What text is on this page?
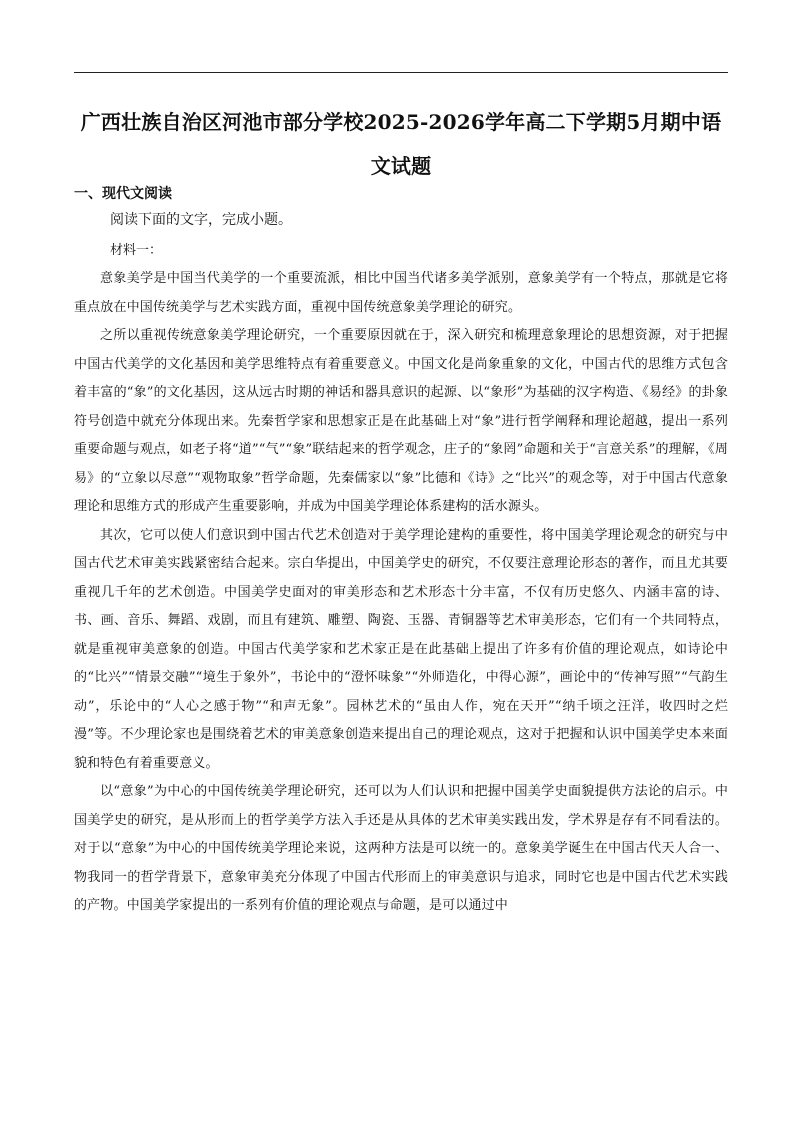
广西壮族自治区河池市部分学校2025-2026学年高二下学期5月期中语文试题
一、现代文阅读
阅读下面的文字，完成小题。
材料一：

意象美学是中国当代美学的一个重要流派，相比中国当代诸多美学派别，意象美学有一个特点，那就是它将重点放在中国传统美学与艺术实践方面，重视中国传统意象美学理论的研究。

之所以重视传统意象美学理论研究，一个重要原因就在于，深入研究和梳理意象理论的思想资源，对于把握中国古代美学的文化基因和美学思维特点有着重要意义。中国文化是尚象重象的文化，中国古代的思维方式包含着丰富的“象”的文化基因，这从远古时期的神话和器具意识的起源、以“象形”为基础的汉字构造、《易经》的卦象符号创造中就充分体现出来。先秦哲学家和思想家正是在此基础上对“象”进行哲学阐释和理论超越，提出一系列重要命题与观点，如老子将“道”“气”“象”联结起来的哲学观念，庄子的“象罔”命题和关于“言意关系”的理解，《周易》的“立象以尽意”“观物取象”哲学命题，先秦儒家以“象”比德和《诗》之“比兴”的观念等，对于中国古代意象理论和思维方式的形成产生重要影响，并成为中国美学理论体系建构的活水源头。

其次，它可以使人们意识到中国古代艺术创造对于美学理论建构的重要性，将中国美学理论观念的研究与中国古代艺术审美实践紧密结合起来。宗白华提出，中国美学史的研究，不仅要注意理论形态的著作，而且尤其要重视几千年的艺术创造。中国美学史面对的审美形态和艺术形态十分丰富，不仅有历史悠久、内涵丰富的诗、书、画、音乐、舞蹈、戏剧，而且有建筑、雕塑、陶瓷、玉器、青铜器等艺术审美形态，它们有一个共同特点，就是重视审美意象的创造。中国古代美学家和艺术家正是在此基础上提出了许多有价值的理论观点，如诗论中的“比兴”“情景交融”“境生于象外”，书论中的“澄怀味象”“外师造化，中得心源”，画论中的“传神写照”“气韵生动”，乐论中的“人心之感于物”“和声无象”。园林艺术的“虽由人作，宛在天开”“纳千顷之汪洋，收四时之烂漫”等。不少理论家也是围绕着艺术的审美意象创造来提出自己的理论观点，这对于把握和认识中国美学史本来面貌和特色有着重要意义。

以“意象”为中心的中国传统美学理论研究，还可以为人们认识和把握中国美学史面貌提供方法论的启示。中国美学史的研究，是从形而上的哲学美学方法入手还是从具体的艺术审美实践出发，学术界是存有不同看法的。对于以“意象”为中心的中国传统美学理论来说，这两种方法是可以统一的。意象美学诞生在中国古代天人合一、物我同一的哲学背景下，意象审美充分体现了中国古代形而上的审美意识与追求，同时它也是中国古代艺术实践的产物。中国美学家提出的一系列有价值的理论观点与命题，是可以通过中
